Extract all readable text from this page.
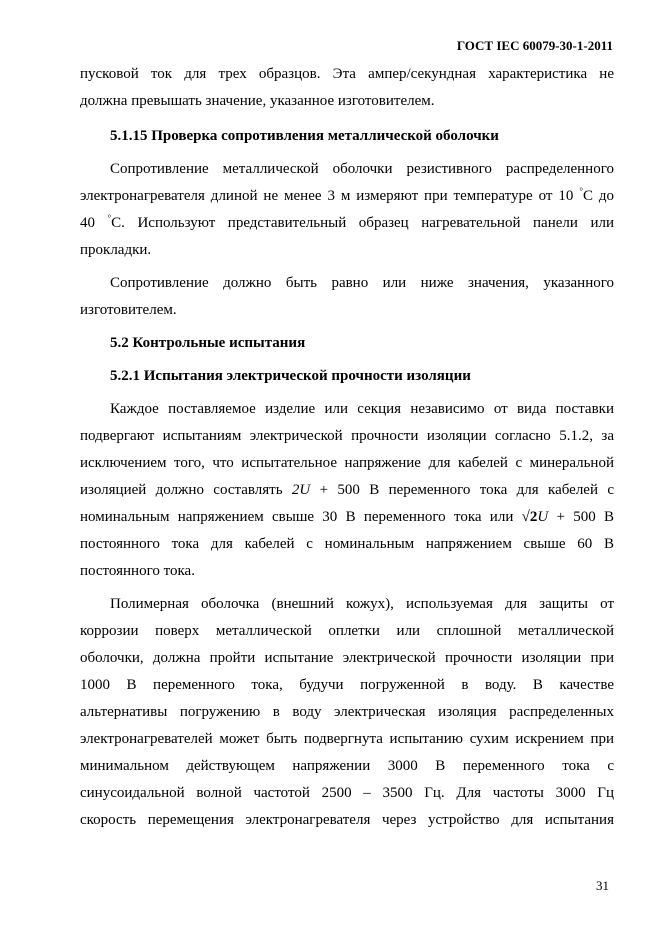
ГОСТ IEC 60079-30-1-2011

пусковой ток для трех образцов. Эта ампер/секундная характеристика не

должна превышать значение, указанное изготовителем.

5.1.15 Проверка сопротивления металлической оболочки

Сопротивление металлической оболочки резистивного распределенного

электронагревателя длиной не менее 3 м измеряют при температуре от 10 °C до

40 °C. Используют представительный образец нагревательной панели или

прокладки.

Сопротивление должно быть равно или ниже значения, указанного

изготовителем.

5.2 Контрольные испытания
5.2.1 Испытания электрической прочности изоляции

Каждое поставляемое изделие или секция независимо от вида поставки

подвергают испытаниям электрической прочности изоляции согласно 5.1.2, за

исключением того, что испытательное напряжение для кабелей с минеральной

изоляцией должно составлять 2U + 500 В переменного тока для кабелей с

номинальным напряжением свыше 30 В переменного тока или √2U + 500 В

постоянного тока для кабелей с номинальным напряжением свыше 60 В

постоянного тока.

Полимерная оболочка (внешний кожух), используемая для защиты от

коррозии поверх металлической оплетки или сплошной металлической

оболочки, должна пройти испытание электрической прочности изоляции при

1000 В переменного тока, будучи погруженной в воду. В качестве

альтернативы погружению в воду электрическая изоляция распределенных

электронагревателей может быть подвергнута испытанию сухим искрением при

минимальном действующем напряжении 3000 В переменного тока с

синусоидальной волной частотой 2500 – 3500 Гц. Для частоты 3000 Гц

скорость перемещения электронагревателя через устройство для испытания

31
